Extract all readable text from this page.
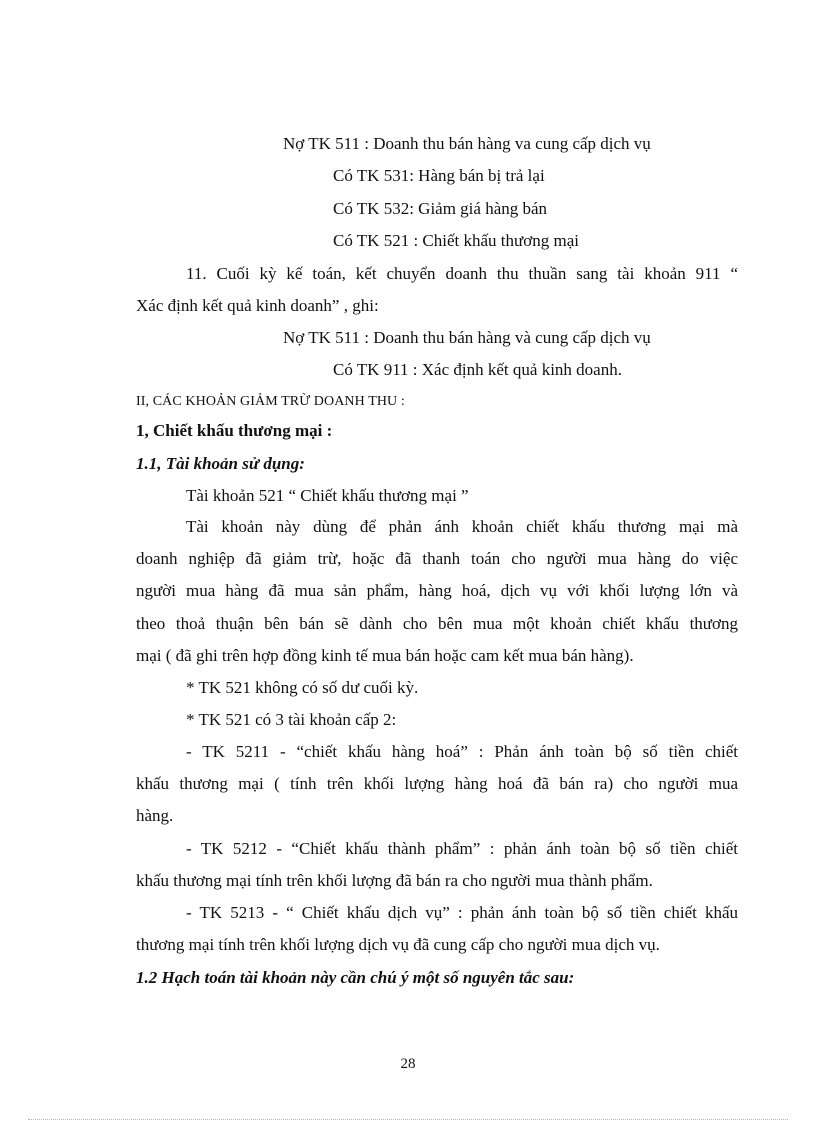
Nợ TK 511 : Doanh thu bán hàng va cung cấp dịch vụ
Có TK 531: Hàng bán bị trả lại
Có TK 532: Giảm giá hàng bán
Có TK 521 : Chiết khấu thương mại
11. Cuối kỳ kế toán, kết chuyển doanh thu thuần sang tài khoản 911 “
Xác định kết quả kinh doanh” , ghi:
Nợ TK 511 : Doanh thu bán hàng và cung cấp dịch vụ
Có TK 911 : Xác định kết quả kinh doanh.
II, CÁC KHOẢN GIẢM TRỪ DOANH THU :
1, Chiết khấu thương mại :
1.1, Tài khoản sử dụng:
Tài khoản 521 “ Chiết khấu thương mại ”
Tài khoản này dùng để phản ánh khoản chiết khấu thương mại mà
doanh nghiệp đã giảm trừ, hoặc đã thanh toán cho người mua hàng do việc
người mua hàng đã mua sản phẩm, hàng hoá, dịch vụ với khối lượng lớn và
theo thoả thuận bên bán sẽ dành cho bên mua một khoản chiết khấu thương
mại ( đã ghi trên hợp đồng kinh tế mua bán hoặc cam kết mua bán hàng).
* TK 521 không có số dư cuối kỳ.
* TK 521 có 3 tài khoản cấp 2:
- TK 5211 - “chiết khấu hàng hoá” : Phản ánh toàn bộ số tiền chiết
khấu thương mại ( tính trên khối lượng hàng hoá đã bán ra) cho người mua
hàng.
- TK 5212 - “Chiết khấu thành phẩm” : phản ánh toàn bộ số tiền chiết
khấu thương mại tính trên khối lượng đã bán ra cho người mua thành phẩm.
- TK 5213 - “ Chiết khấu dịch vụ” : phản ánh toàn bộ số tiền chiết khấu
thương mại tính trên khối lượng dịch vụ đã cung cấp cho người mua dịch vụ.
1.2 Hạch toán tài khoản này cần chú ý một số nguyên tắc sau:
28
